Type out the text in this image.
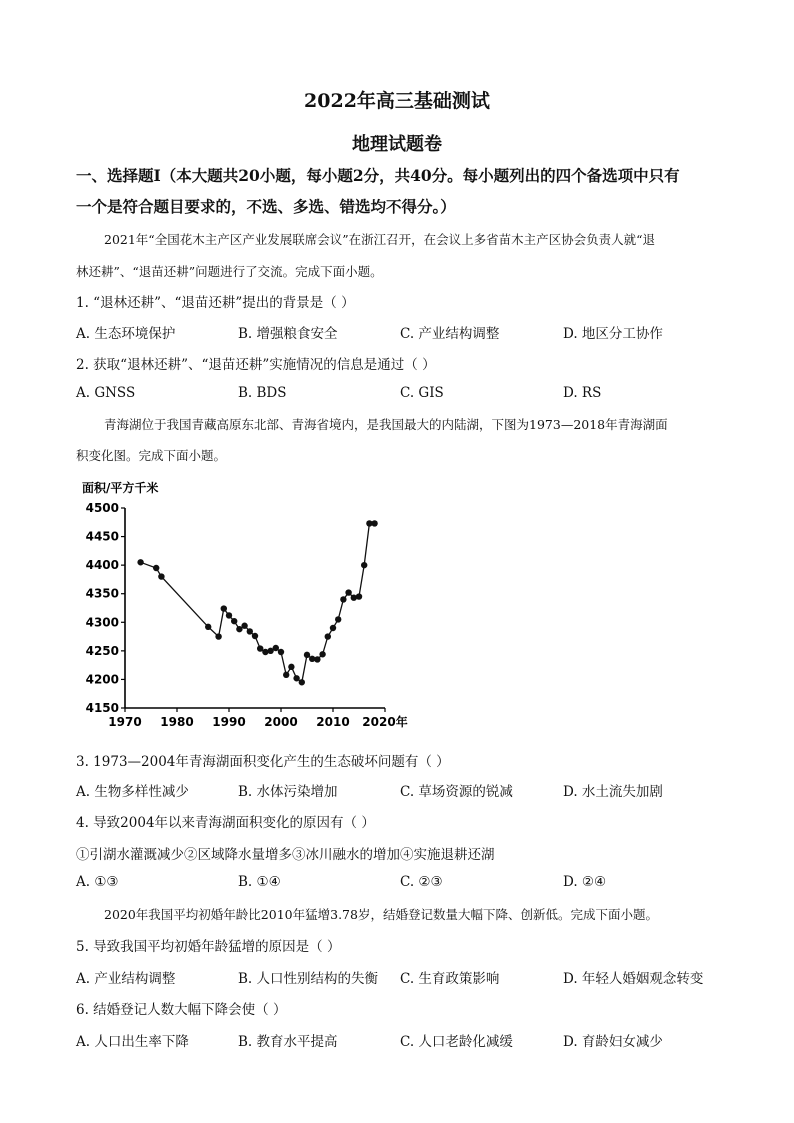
2022年高三基础测试
地理试题卷
一、选择题Ⅰ（本大题共20小题，每小题2分，共40分。每小题列出的四个备选项中只有
一个是符合题目要求的，不选、多选、错选均不得分。）
2021年“全国花木主产区产业发展联席会议”在浙江召开，在会议上多省苗木主产区协会负责人就“退
林还耕”、“退苗还耕”问题进行了交流。完成下面小题。
1. “退林还耕”、“退苗还耕”提出的背景是（ ）
A. 生态环境保护	B. 增强粮食安全	C. 产业结构调整	D. 地区分工协作
2. 获取“退林还耕”、“退苗还耕”实施情况的信息是通过（ ）
A. GNSS	B. BDS	C. GIS	D. RS
青海湖位于我国青藏高原东北部、青海省境内，是我国最大的内陆湖，下图为1973—2018年青海湖面
积变化图。完成下面小题。
面积/平方千米
4150
4200
4250
4300
4350
4400
4450
4500
1970 1980 1990 2000 2010 2020年
3. 1973—2004年青海湖面积变化产生的生态破坏问题有（ ）
A. 生物多样性减少	B. 水体污染增加	C. 草场资源的锐减	D. 水土流失加剧
4. 导致2004年以来青海湖面积变化的原因有（ ）
①引湖水灌溉减少②区域降水量增多③冰川融水的增加④实施退耕还湖
A. ①③	B. ①④	C. ②③	D. ②④
2020年我国平均初婚年龄比2010年猛增3.78岁，结婚登记数量大幅下降、创新低。完成下面小题。
5. 导致我国平均初婚年龄猛增的原因是（ ）
A. 产业结构调整	B. 人口性别结构的失衡 C. 生育政策影响	D. 年轻人婚姻观念转变
6. 结婚登记人数大幅下降会使（ ）
A. 人口出生率下降	B. 教育水平提高	C. 人口老龄化减缓	D. 育龄妇女减少
